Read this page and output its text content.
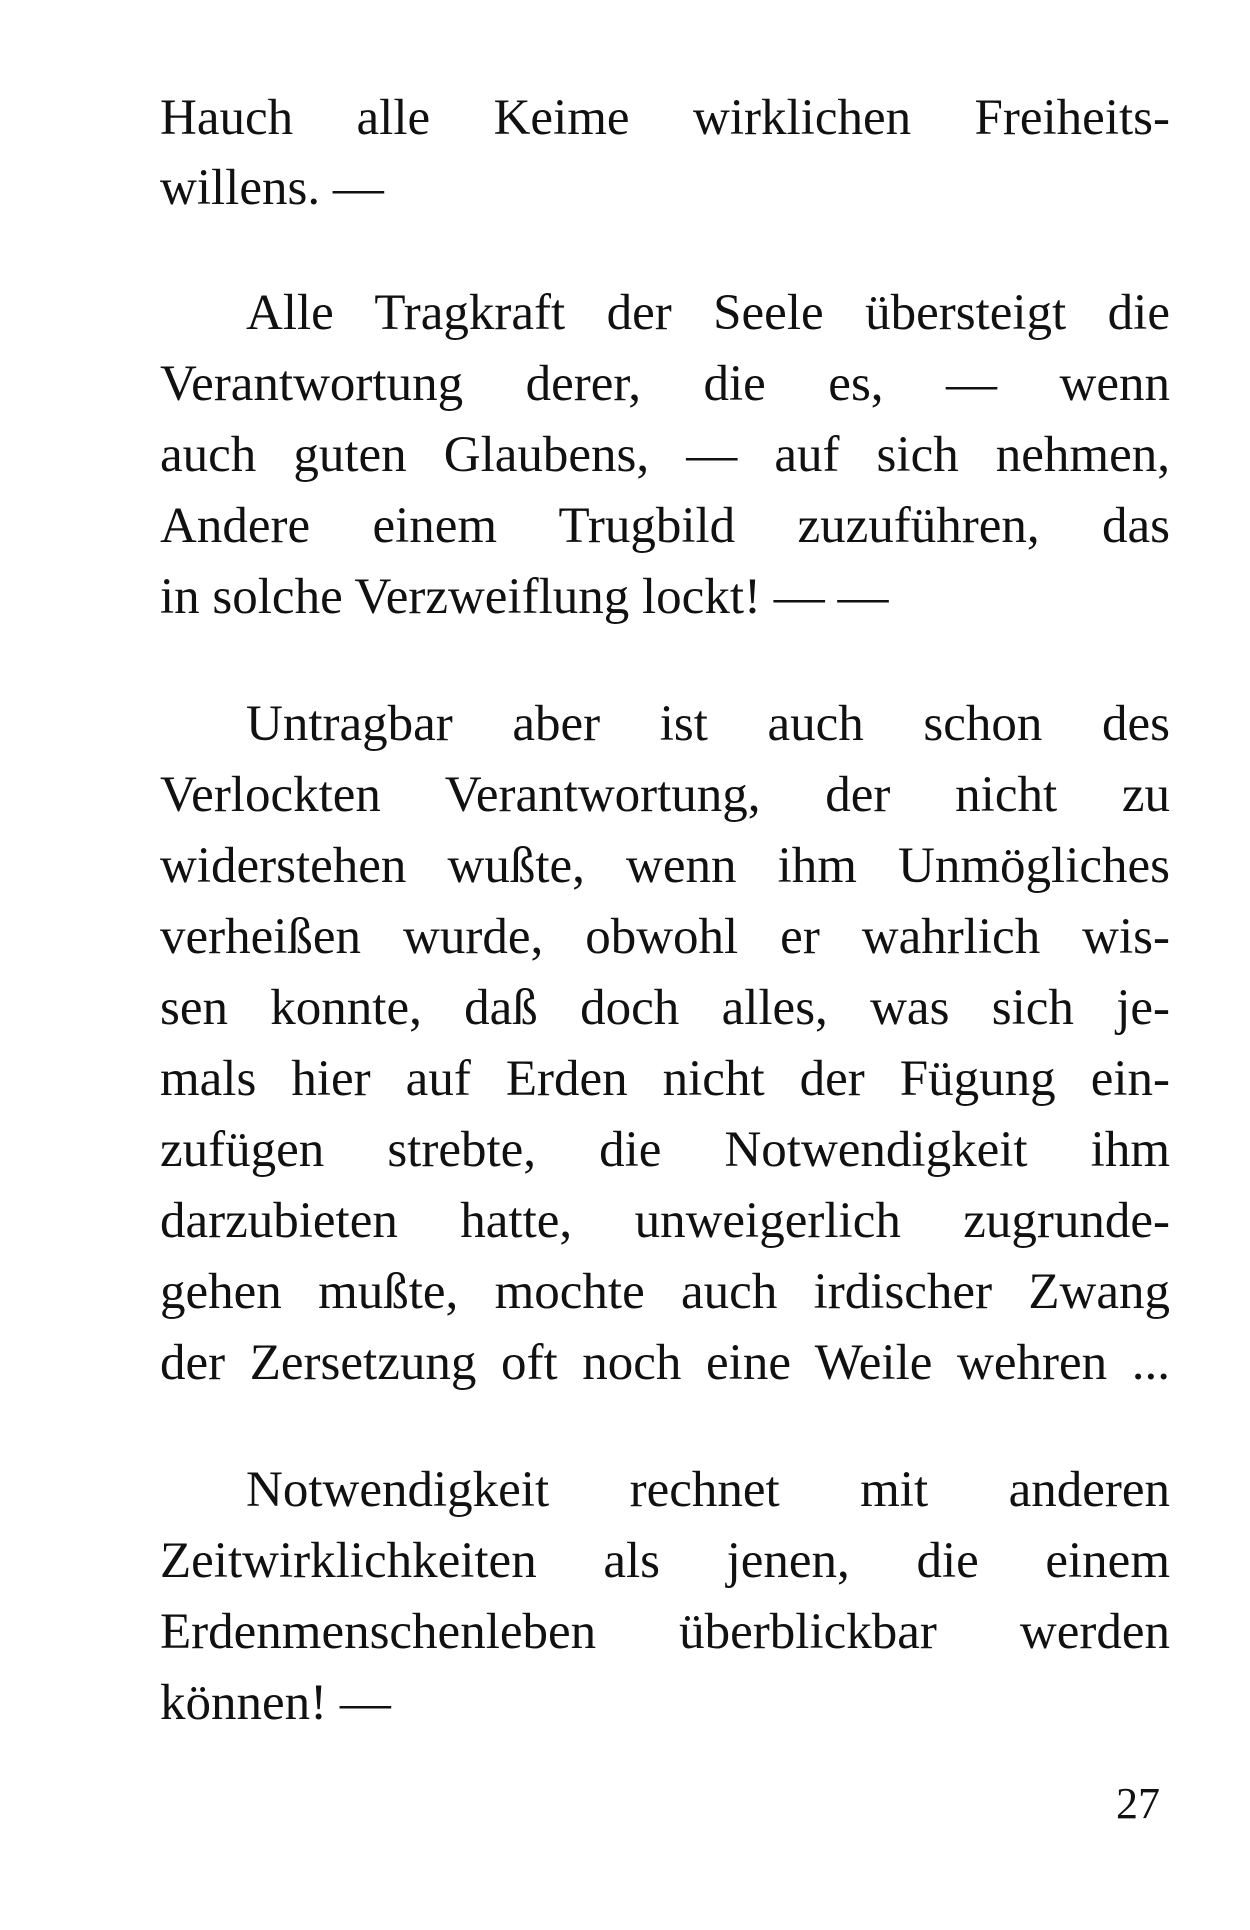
Hauch alle Keime wirklichen Freiheits-
willens. —
Alle Tragkraft der Seele übersteigt die
Verantwortung derer, die es, — wenn
auch guten Glaubens, — auf sich nehmen,
Andere einem Trugbild zuzuführen, das
in solche Verzweiflung lockt! — —
Untragbar aber ist auch schon des
Verlockten Verantwortung, der nicht zu
widerstehen wußte, wenn ihm Unmögliches
verheißen wurde, obwohl er wahrlich wis-
sen konnte, daß doch alles, was sich je-
mals hier auf Erden nicht der Fügung ein-
zufügen strebte, die Notwendigkeit ihm
darzubieten hatte, unweigerlich zugrunde-
gehen mußte, mochte auch irdischer Zwang
der Zersetzung oft noch eine Weile wehren ...
Notwendigkeit rechnet mit anderen
Zeitwirklichkeiten als jenen, die einem
Erdenmenschenleben überblickbar werden
können! —
27
